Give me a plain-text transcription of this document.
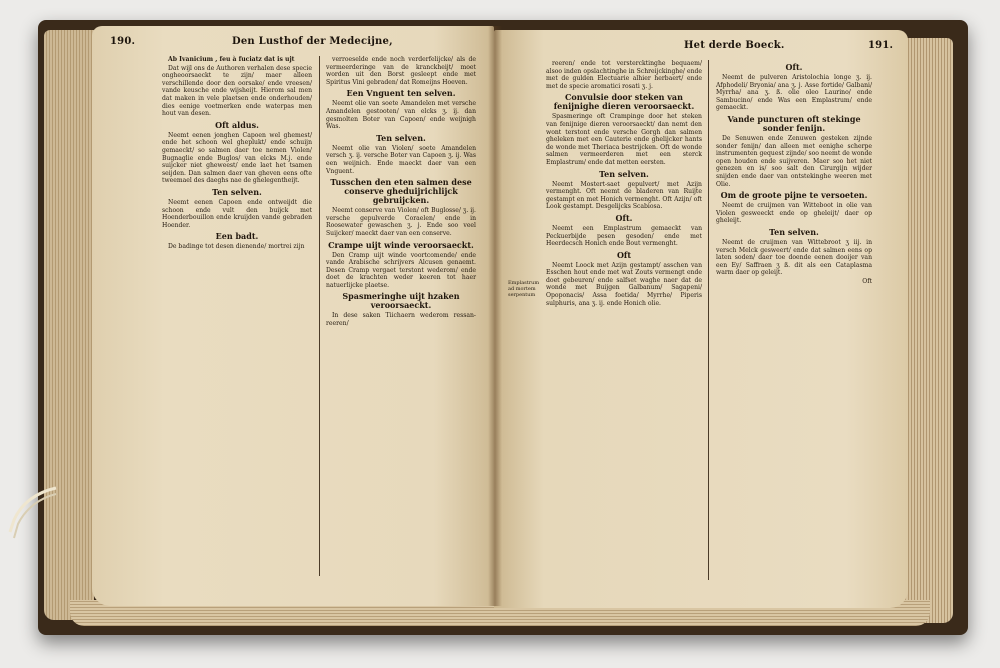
190.	Den Lusthof der Medecijne,

Ab Ivanicium , feu à fuciatz dat is ujt

Dat wijl ons de Authoren verhalen dese specie ongheoorsaeckt te zijn/ maer alleen verschillende door den oorsake/ ende vreesen/ vande keusche ende wijsheijt. Hierom sal men dat maken in vele plaetsen ende onderhouden/ dies eenige voetmerken ende waterpas men hout van desen.

Oft aldus.

Neemt eenen jonghen Capoen wel ghemest/ ende het schoon wel gheplukt/ ende schuijn gemaeckt/ so salmen daer toe nemen Violen/ Bugnaglie ende Buglos/ van elcks M.j. ende suijcker niet gheweest/ ende laet het tsamen seijden. Dan salmen daer van gheven eens ofte tweemael des daeghs nae de ghelegentheijt.

Ten selven.

Neemt eenen Capoen ende ontweijdt die schoon ende vult den buijck met Hoenderbouillon ende kruijden vande gebraden Hoender.

Een badt.

De badinge tot desen dienende/ mortrei zijn

verroeselde ende noch verderfelijcke/ als de vermeerderinge van de kranckheijt/ moet worden uit den Borst gesleept ende met Spiritus Vini gebraden/ dat Romeijns Hoeven.

Een Vnguent ten selven.

Neemt olie van soete Amandelen met versche Amandelen gestooten/ van elcks ʒ. ij. dan gesmolten Boter van Capoen/ ende weijnigh Was.

Ten selven.

Neemt olie van Violen/ soete Amandelen versch ʒ. ij. versche Boter van Capoen ʒ. ij. Was een weijnich. Ende maeckt daer van een Vnguent.

Tusschen den eten salmen dese conserve gheduijrichlijck gebruijcken.

Neemt conserve van Violen/ oft Buglosse/ ʒ. ij. versche gepulverde Coraelen/ ende in Roosewater gewaschen ʒ. j. Ende soo veel Suijcker/ maeckt daer van een conserve.

Crampe uijt winde veroorsaeckt.

Den Cramp uijt winde voortcomende/ ende vande Arabische schrijvers Alcusen genaemt. Desen Cramp vergaet terstont wederom/ ende doet de krachten weder keeren tot haer natuerlijcke plaetse.

Spasmeringhe uijt hzaken veroorsaeckt.

In dese saken Tiichaern wederom ressan- reeren/

Het derde Boeck.	191.
Emplastrum ad mortem serpentum

reeren/ ende tot verstercktinghe bequaem/ alsoo inden opslachtinghe in Schreijckinghe/ ende met de gulden Electuarie alhier herbaert/ ende met de specie aromatici rosati ʒ. j.

Convulsie door steken van fenijnighe dieren veroorsaeckt.

Spasmeringe oft Crampinge door het steken van fenijnige dieren veroorsaeckt/ dan nemt den wont terstont ende versche Gorgh dan salmen gheleken met een Cauterie ende ghelijcker hants de wonde met Theriaca bestrijcken. Oft de wonde salmen vermeerderen met een sterck Emplastrum/ ende dat metten eersten.

Ten selven.

Neemt Mostert-saet gepulvert/ met Azijn vermenght. Oft neemt de bladeren van Ruijte gestampt en met Honich vermenght. Oft Azijn/ oft Look gestampt. Desgelijcks Scabiosa.

Oft.

Neemt een Emplastrum gemaeckt van Peckuerbijde pesen gesoden/ ende met Heerdecsch Honich ende Bout vermenght.

Oft

Neemt Loock met Azijn gestampt/ asschen van Esschen hout ende met wat Zouts vermengt ende doet gebeuren/ ende salfset waghe naer dat de wonde met Buijgen Galbanum/ Sagapeni/ Opoponacis/ Assa foetida/ Myrrhe/ Piperis sulphuris, ana ʒ. ij. ende Honich olie.

Oft.

Neemt de pulveren Aristolochia longe ʒ. ij. Afphodeli/ Bryonia/ ana ʒ. j. Asse fortide/ Galbani/ Myrrha/ ana ʒ. ß. olie oleo Laurino/ ende Sambucino/ ende Was een Emplastrum/ ende gemaeckt.

Vande puncturen oft stekinge sonder fenijn.

De Senuwen ende Zenuwen gesteken zijnde sonder fenijn/ dan alleen met eenighe scherpe instrumenten gequest zijnde/ soo neemt de wonde open houden ende suijveren. Maer soo het niet genezen en is/ soo salt den Cirurgijn wijder snijden ende daer van ontstekinghe weeren met Olie.

Om de groote pijne te versoeten.

Neemt de cruijmen van Witteboot in olie van Violen gesweeckt ende op gheleijt/ daer op gheleijt.

Ten selven.

Neemt de cruijmen van Wittebroot ʒ iij. in versch Melck gesweert/ ende dat salmen eens op laten soden/ daer toe doende eenen dooijer van een Ey/ Saffraen ʒ ß. dit als een Cataplasma warm daer op geleijt.

Oft
